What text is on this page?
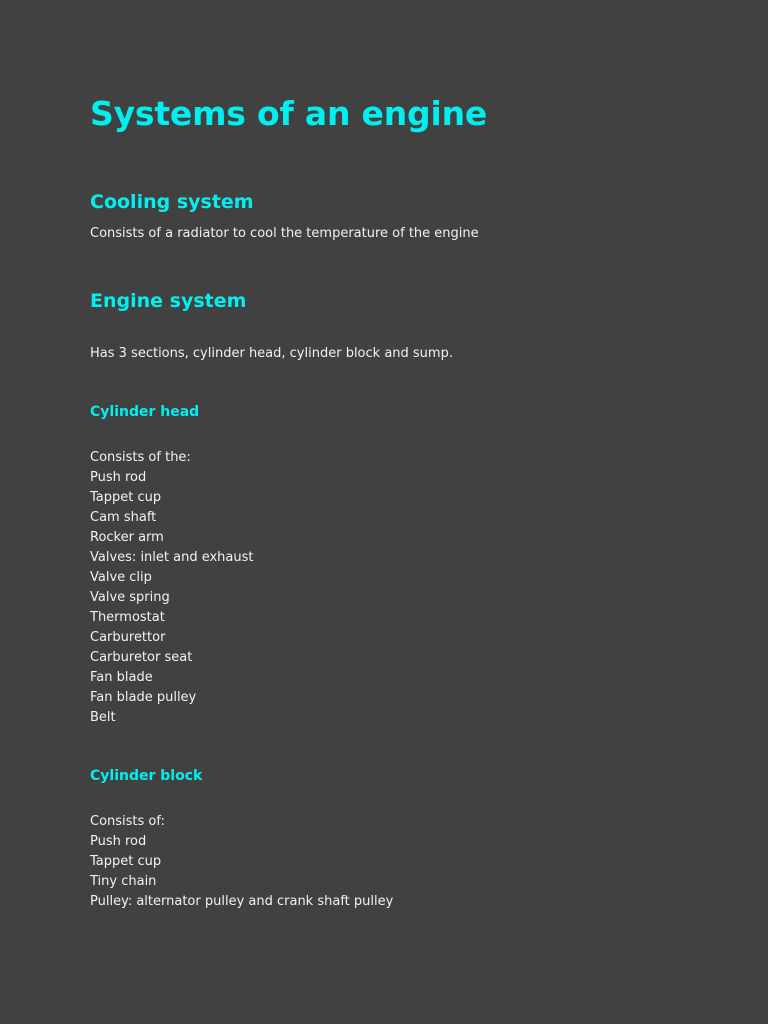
Systems of an engine
Cooling system

Consists of a radiator to cool the temperature of the engine

Engine system

Has 3 sections, cylinder head, cylinder block and sump.

Cylinder head
Consists of the:
Push rod
Tappet cup
Cam shaft
Rocker arm
Valves: inlet and exhaust
Valve clip
Valve spring
Thermostat
Carburettor
Carburetor seat
Fan blade
Fan blade pulley
Belt
Cylinder block
Consists of:
Push rod
Tappet cup
Tiny chain
Pulley: alternator pulley and crank shaft pulley
